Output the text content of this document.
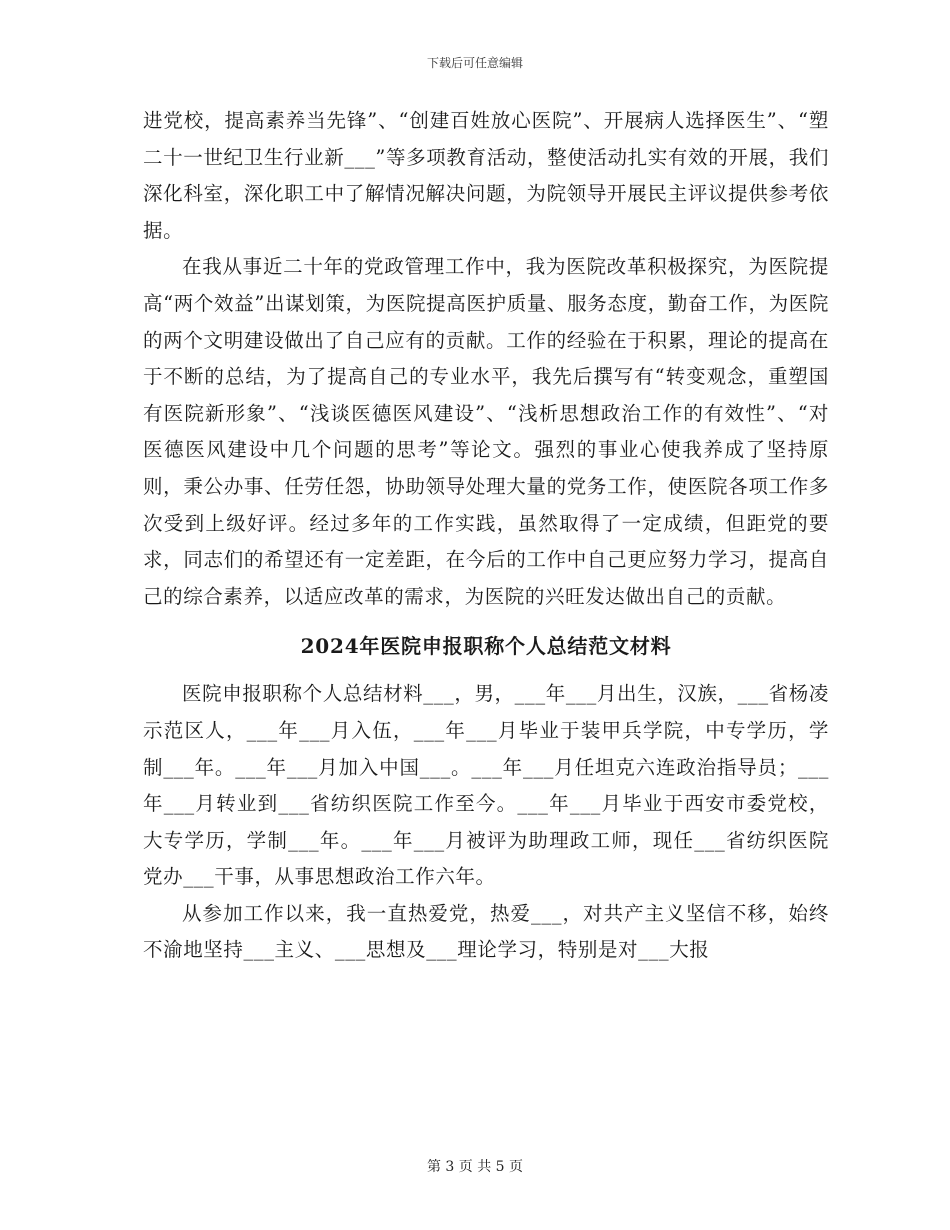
下载后可任意编辑

进党校，提高素养当先锋”、“创建百姓放心医院”、开展病人选择医生”、“塑二十一世纪卫生行业新___”等多项教育活动，整使活动扎实有效的开展，我们深化科室，深化职工中了解情况解决问题，为院领导开展民主评议提供参考依据。

在我从事近二十年的党政管理工作中，我为医院改革积极探究，为医院提高“两个效益”出谋划策，为医院提高医护质量、服务态度，勤奋工作，为医院的两个文明建设做出了自己应有的贡献。工作的经验在于积累，理论的提高在于不断的总结，为了提高自己的专业水平，我先后撰写有“转变观念，重塑国有医院新形象”、“浅谈医德医风建设”、“浅析思想政治工作的有效性”、“对医德医风建设中几个问题的思考”等论文。强烈的事业心使我养成了坚持原则，秉公办事、任劳任怨，协助领导处理大量的党务工作，使医院各项工作多次受到上级好评。经过多年的工作实践，虽然取得了一定成绩，但距党的要求，同志们的希望还有一定差距，在今后的工作中自己更应努力学习，提高自己的综合素养，以适应改革的需求，为医院的兴旺发达做出自己的贡献。

2024年医院申报职称个人总结范文材料

医院申报职称个人总结材料___，男，___年___月出生，汉族，___省杨凌示范区人，___年___月入伍，___年___月毕业于装甲兵学院，中专学历，学制___年。___年___月加入中国___。___年___月任坦克六连政治指导员；___年___月转业到___省纺织医院工作至今。___年___月毕业于西安市委党校，大专学历，学制___年。___年___月被评为助理政工师，现任___省纺织医院党办___干事，从事思想政治工作六年。

从参加工作以来，我一直热爱党，热爱___，对共产主义坚信不移，始终不渝地坚持___主义、___思想及___理论学习，特别是对___大报

第 3 页 共 5 页
